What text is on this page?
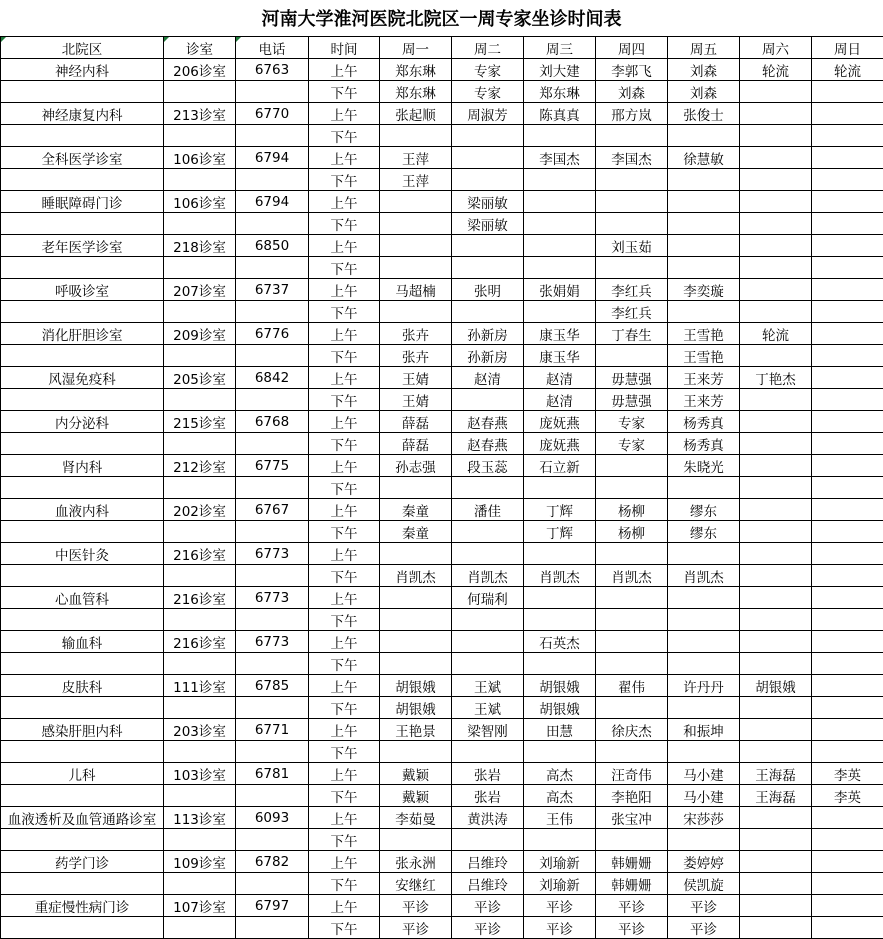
河南大学淮河医院北院区一周专家坐诊时间表
北院区	诊室	电话	时间	周一	周二	周三	周四	周五	周六	周日
神经内科	206诊室	6763	上午	郑东琳	专家	刘大建	李郭飞	刘森	轮流	轮流
			下午	郑东琳	专家	郑东琳	刘森	刘森		
神经康复内科	213诊室	6770	上午	张起顺	周淑芳	陈真真	邢方岚	张俊士		
			下午							
全科医学诊室	106诊室	6794	上午	王萍		李国杰	李国杰	徐慧敏		
			下午	王萍						
睡眠障碍门诊	106诊室	6794	上午		梁丽敏					
			下午		梁丽敏					
老年医学诊室	218诊室	6850	上午				刘玉茹			
			下午							
呼吸诊室	207诊室	6737	上午	马超楠	张明	张娟娟	李红兵	李奕璇		
			下午				李红兵			
消化肝胆诊室	209诊室	6776	上午	张卉	孙新房	康玉华	丁春生	王雪艳	轮流	
			下午	张卉	孙新房	康玉华		王雪艳		
风湿免疫科	205诊室	6842	上午	王婧	赵清	赵清	毋慧强	王来芳	丁艳杰	
			下午	王婧		赵清	毋慧强	王来芳		
内分泌科	215诊室	6768	上午	薛磊	赵春燕	庞妩燕	专家	杨秀真		
			下午	薛磊	赵春燕	庞妩燕	专家	杨秀真		
肾内科	212诊室	6775	上午	孙志强	段玉蕊	石立新		朱晓光		
			下午							
血液内科	202诊室	6767	上午	秦童	潘佳	丁辉	杨柳	缪东		
			下午	秦童		丁辉	杨柳	缪东		
中医针灸	216诊室	6773	上午							
			下午	肖凯杰	肖凯杰	肖凯杰	肖凯杰	肖凯杰		
心血管科	216诊室	6773	上午		何瑞利					
			下午							
输血科	216诊室	6773	上午			石英杰				
			下午							
皮肤科	111诊室	6785	上午	胡银娥	王斌	胡银娥	翟伟	许丹丹	胡银娥	
			下午	胡银娥	王斌	胡银娥				
感染肝胆内科	203诊室	6771	上午	王艳景	梁智刚	田慧	徐庆杰	和振坤		
			下午							
儿科	103诊室	6781	上午	戴颖	张岩	高杰	汪奇伟	马小建	王海磊	李英
			下午	戴颖	张岩	高杰	李艳阳	马小建	王海磊	李英
血液透析及血管通路诊室	113诊室	6093	上午	李茹曼	黄洪涛	王伟	张宝冲	宋莎莎		
			下午							
药学门诊	109诊室	6782	上午	张永洲	吕维玲	刘瑜新	韩姗姗	娄婷婷		
			下午	安继红	吕维玲	刘瑜新	韩姗姗	侯凯旋		
重症慢性病门诊	107诊室	6797	上午	平诊	平诊	平诊	平诊	平诊		
			下午	平诊	平诊	平诊	平诊	平诊		
